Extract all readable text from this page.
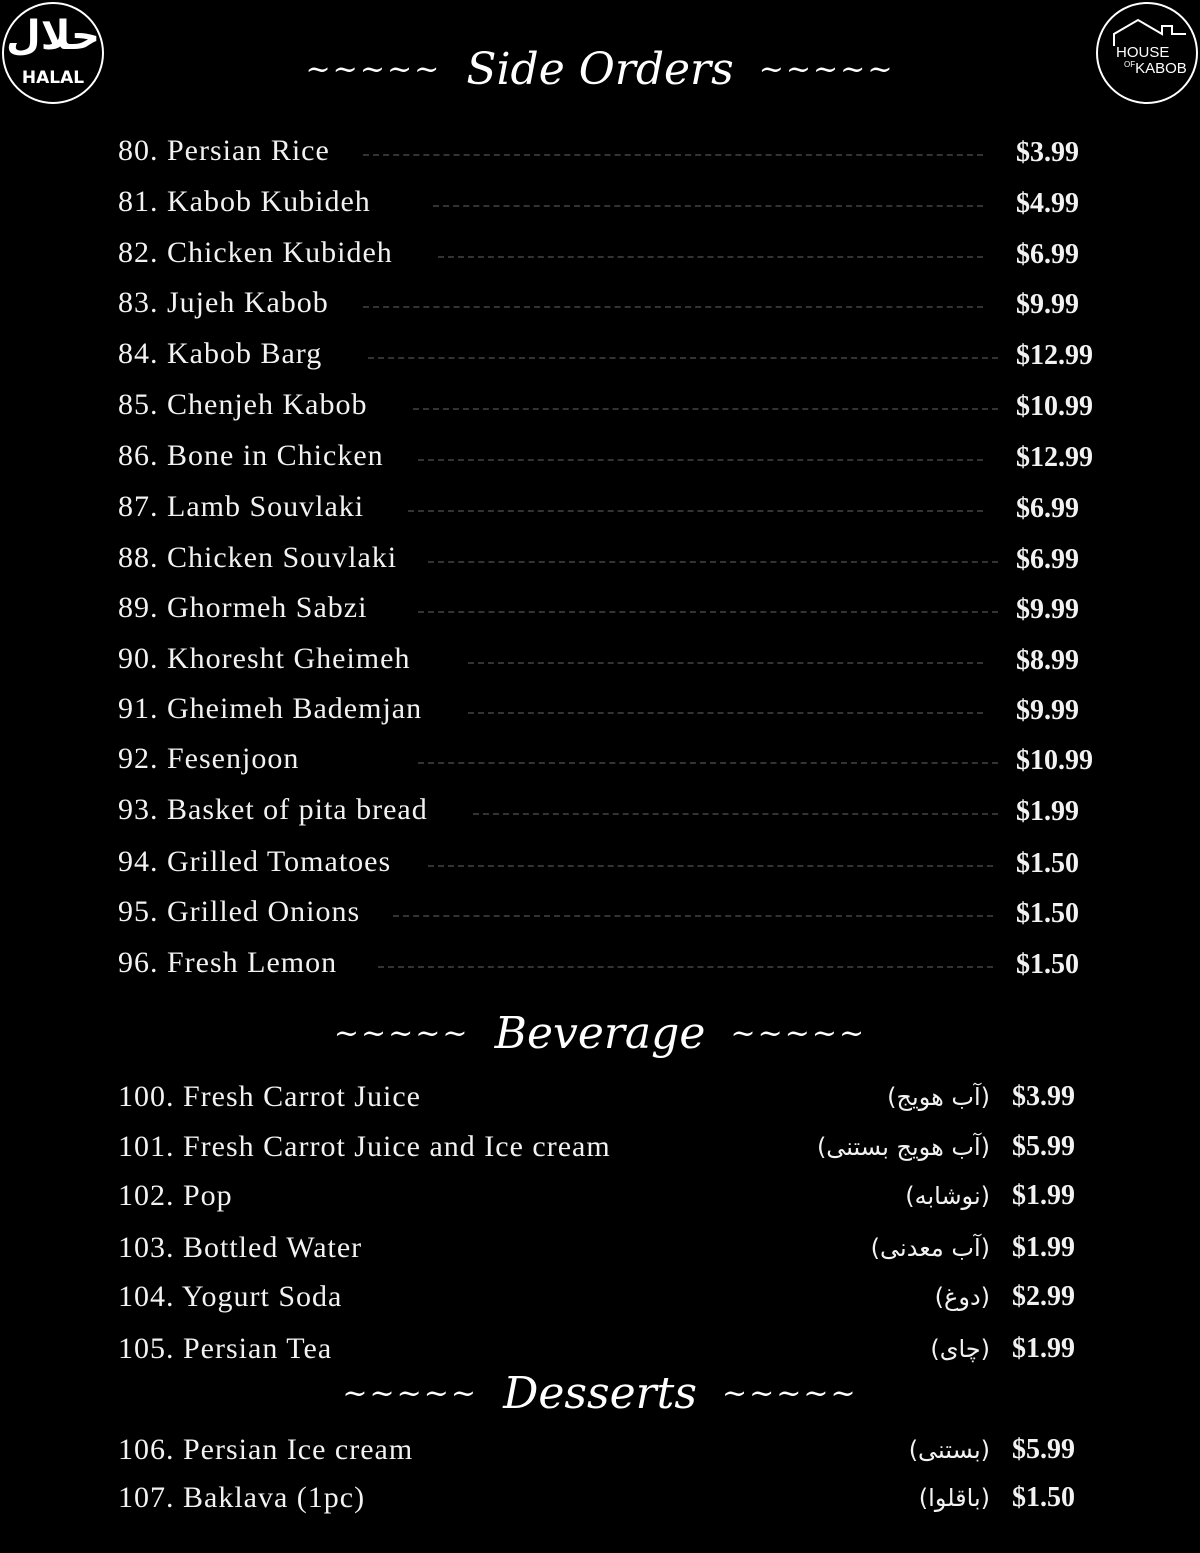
حلال
HALAL
HOUSE
$^{OF}$KABOB
~~~~~ Side Orders ~~~~~
~~~~~ Beverage ~~~~~
~~~~~ Desserts ~~~~~
80. Persian Rice	$3.99
81. Kabob Kubideh	$4.99
82. Chicken Kubideh	$6.99
83. Jujeh Kabob	$9.99
84. Kabob Barg	$12.99
85. Chenjeh Kabob	$10.99
86. Bone in Chicken	$12.99
87. Lamb Souvlaki	$6.99
88. Chicken Souvlaki	$6.99
89. Ghormeh Sabzi	$9.99
90. Khoresht Gheimeh	$8.99
91. Gheimeh Bademjan	$9.99
92. Fesenjoon	$10.99
93. Basket of pita bread	$1.99
94. Grilled Tomatoes	$1.50
95. Grilled Onions	$1.50
96. Fresh Lemon	$1.50
100. Fresh Carrot Juice	(آب هویج) $3.99
101. Fresh Carrot Juice and Ice cream	(آب هویج بستنی) $5.99
102. Pop	(نوشابه) $1.99
103. Bottled Water	(آب معدنی) $1.99
104. Yogurt Soda	(دوغ) $2.99
105. Persian Tea	(چای) $1.99
106. Persian Ice cream	(بستنی) $5.99
107. Baklava (1pc)	(باقلوا) $1.50
